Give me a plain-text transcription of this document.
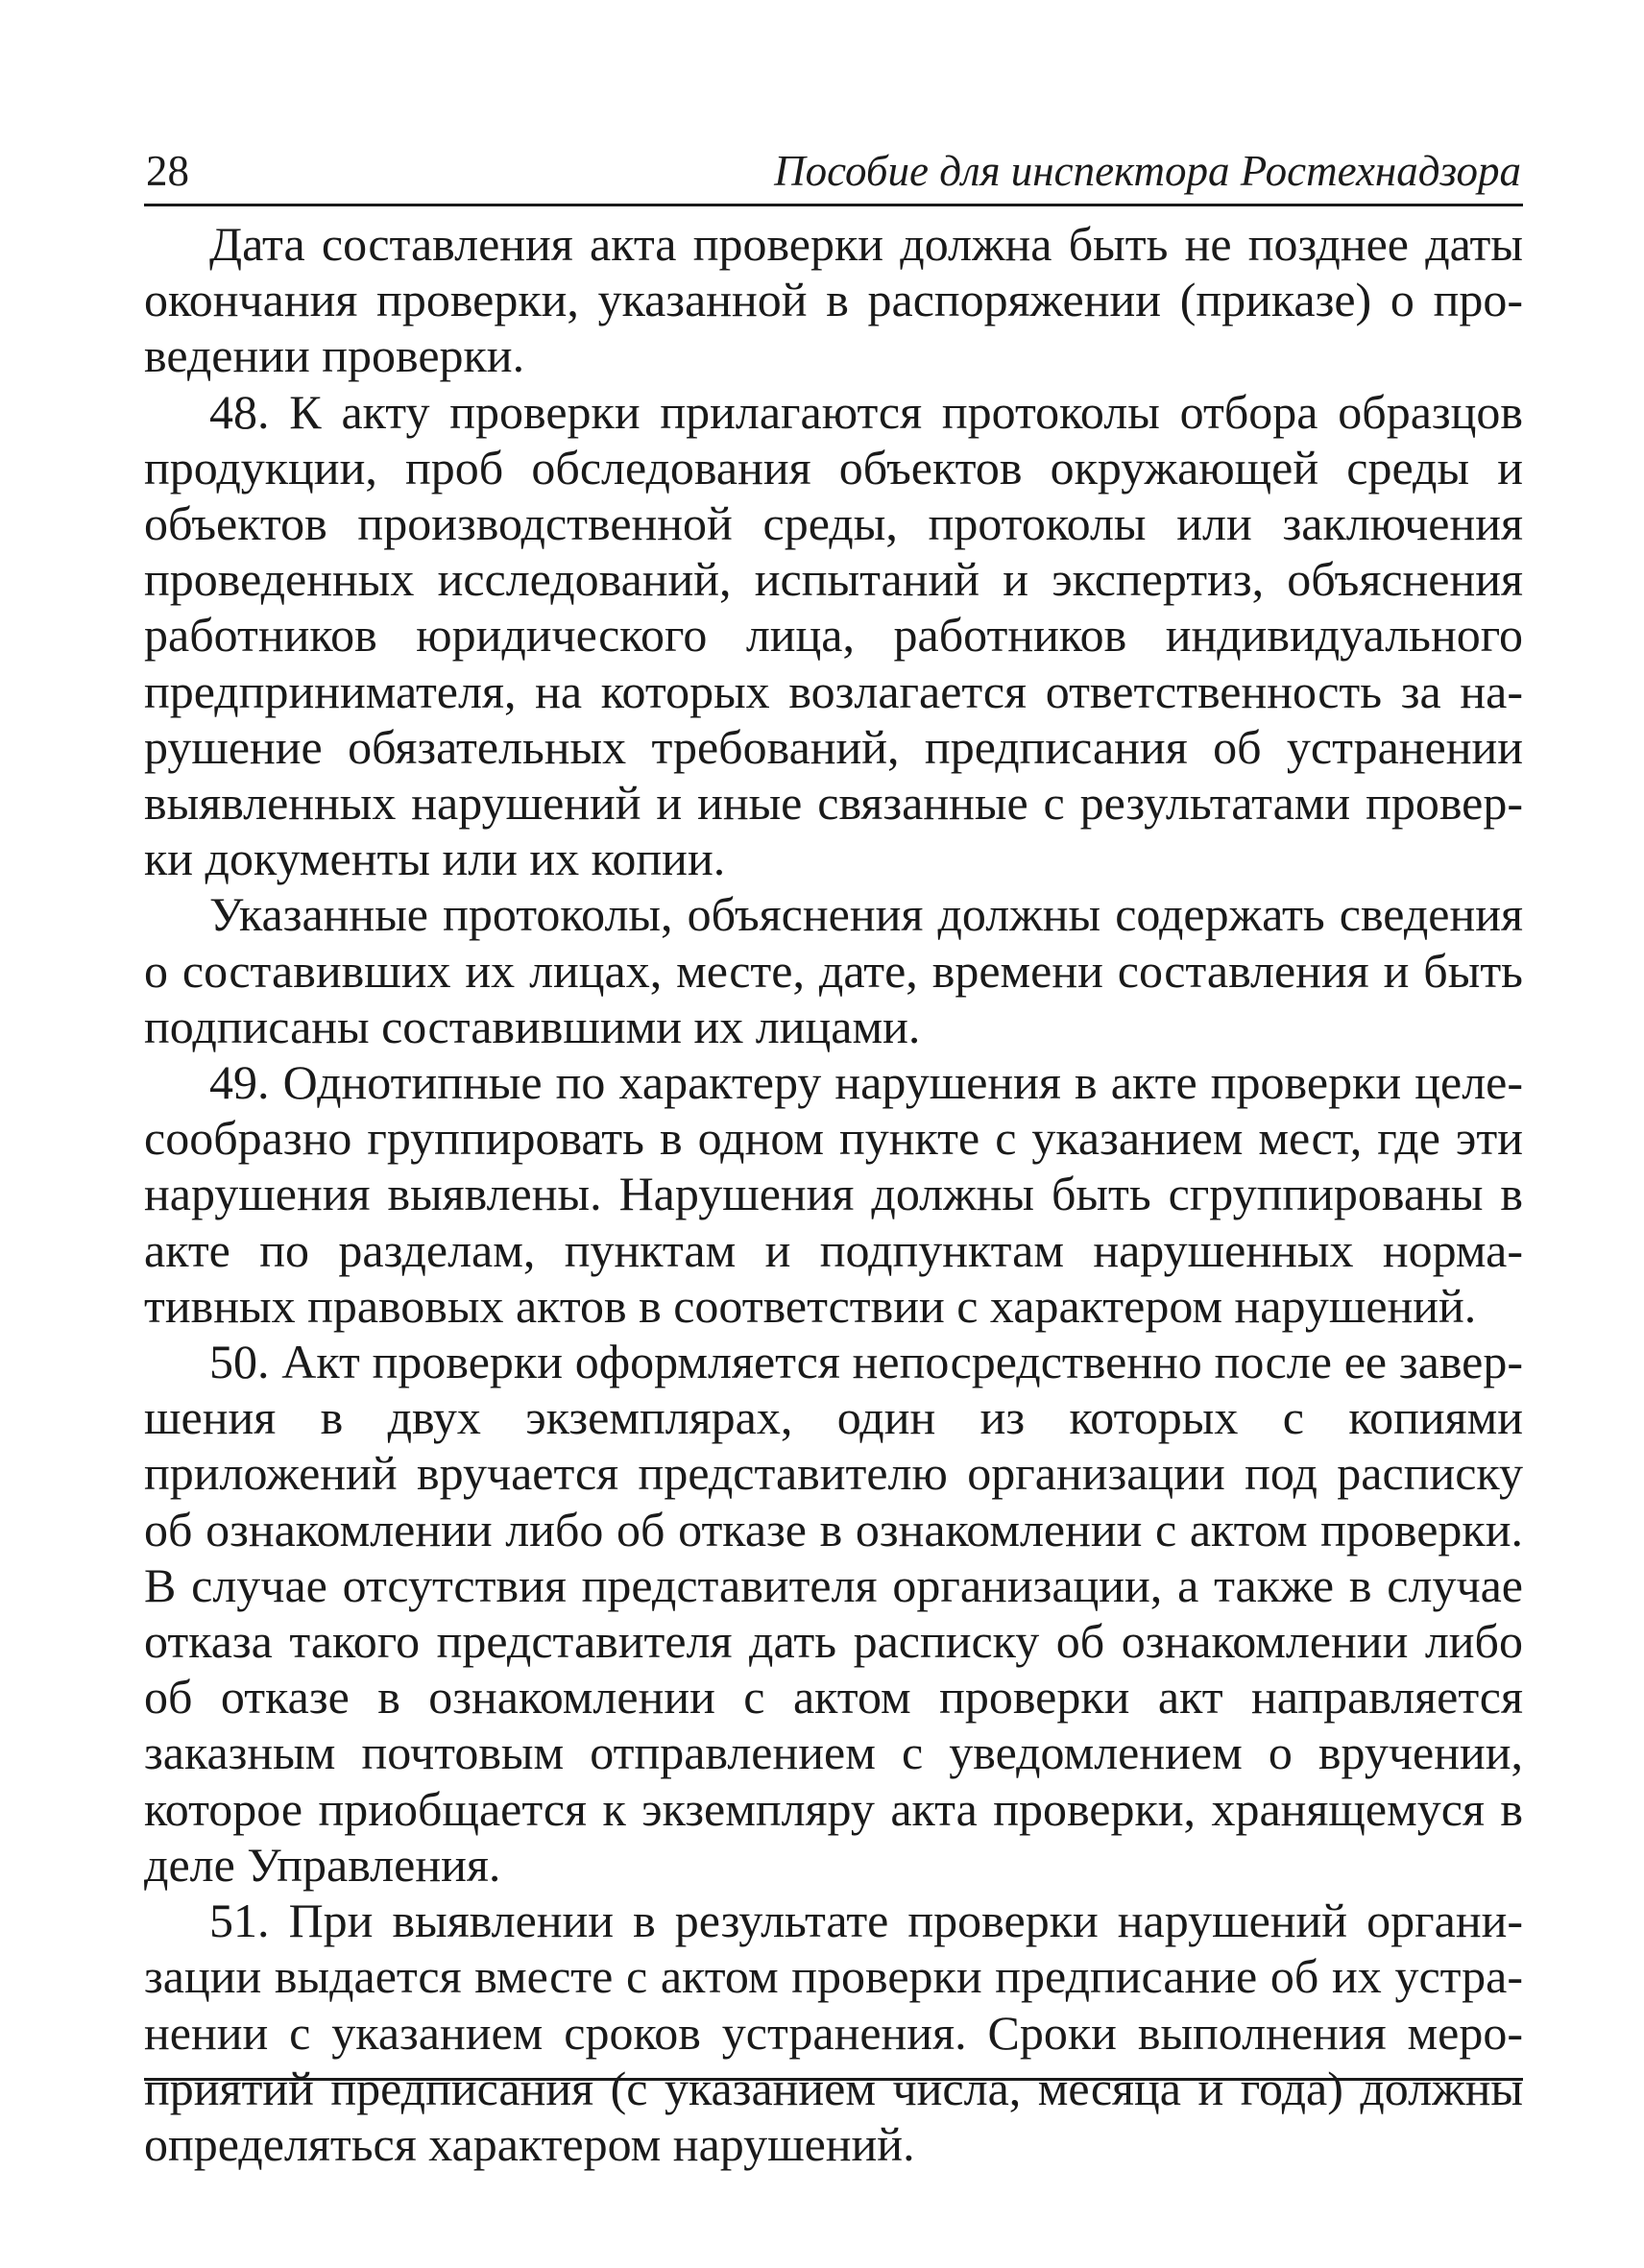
28	Пособие для инспектора Ростехнадзора

Дата составления акта проверки должна быть не позднее даты окончания проверки, указанной в распоряжении (приказе) о проведении проверки.

48. К акту проверки прилагаются протоколы отбора образцов продукции, проб обследования объектов окружающей среды и объектов производственной среды, протоколы или заключения проведенных исследований, испытаний и экспертиз, объяснения работников юридического лица, работников индивидуального предпринимателя, на которых возлагается ответственность за нарушение обязательных требований, предписания об устранении выявленных нарушений и иные связанные с результатами проверки документы или их копии.

Указанные протоколы, объяснения должны содержать сведения о составивших их лицах, месте, дате, времени составления и быть подписаны составившими их лицами.

49. Однотипные по характеру нарушения в акте проверки целесообразно группировать в одном пункте с указанием мест, где эти нарушения выявлены. Нарушения должны быть сгруппированы в акте по разделам, пунктам и подпунктам нарушенных нормативных правовых актов в соответствии с характером нарушений.

50. Акт проверки оформляется непосредственно после ее завершения в двух экземплярах, один из которых с копиями приложений вручается представителю организации под расписку об ознакомлении либо об отказе в ознакомлении с актом проверки. В случае отсутствия представителя организации, а также в случае отказа такого представителя дать расписку об ознакомлении либо об отказе в ознакомлении с актом проверки акт направляется заказным почтовым отправлением с уведомлением о вручении, которое приобщается к экземпляру акта проверки, хранящемуся в деле Управления.

51. При выявлении в результате проверки нарушений организации выдается вместе с актом проверки предписание об их устранении с указанием сроков устранения. Сроки выполнения мероприятий предписания (с указанием числа, месяца и года) должны определяться характером нарушений.
